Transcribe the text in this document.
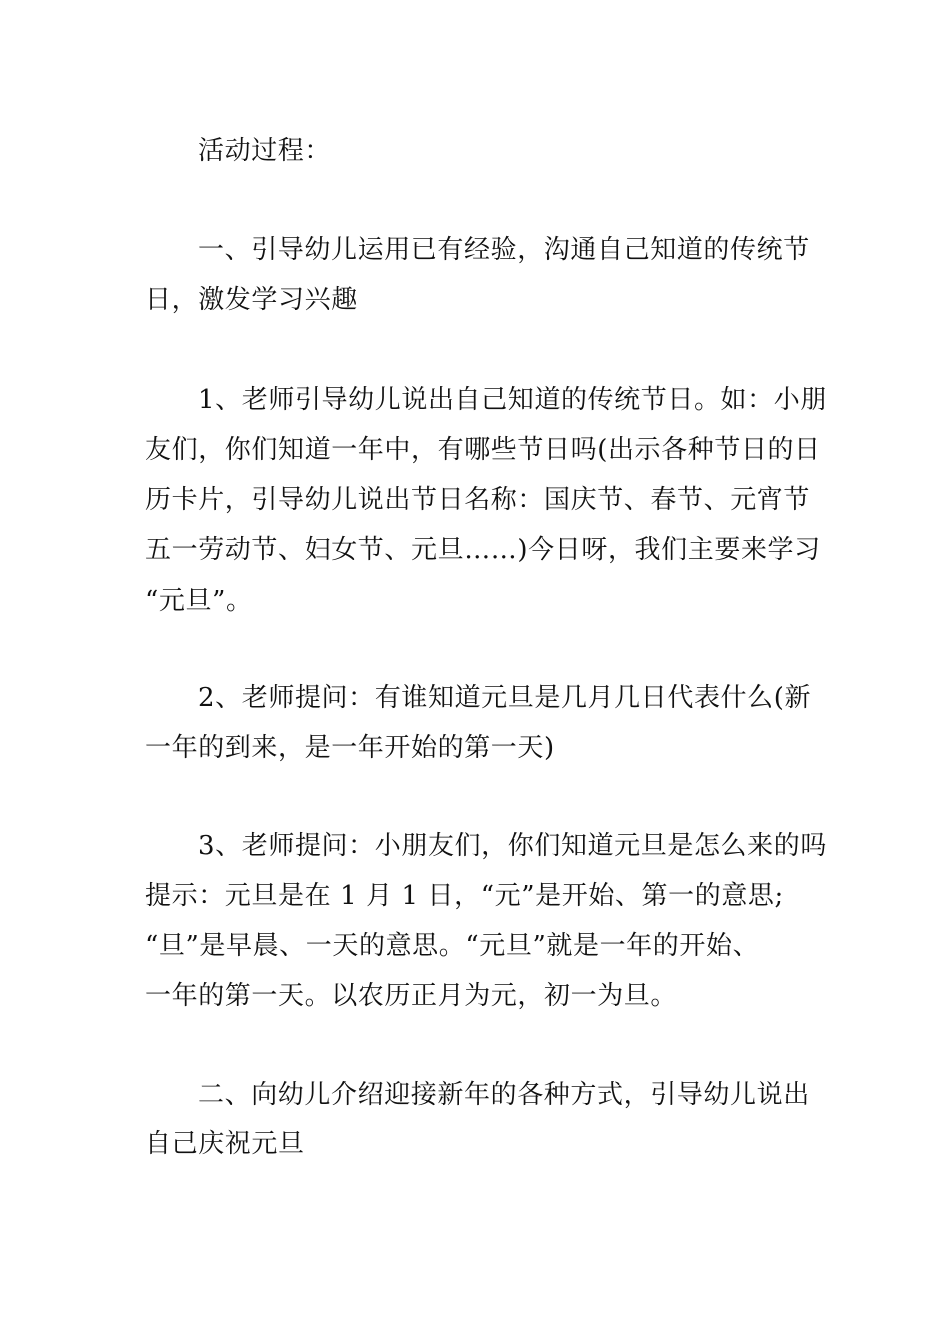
活动过程：
一、引导幼儿运用已有经验，沟通自己知道的传统节
日，激发学习兴趣
1、老师引导幼儿说出自己知道的传统节日。如：小朋
友们，你们知道一年中，有哪些节日吗(出示各种节日的日
历卡片，引导幼儿说出节日名称：国庆节、春节、元宵节
五一劳动节、妇女节、元旦……)今日呀，我们主要来学习
“元旦”。
2、老师提问：有谁知道元旦是几月几日代表什么(新
一年的到来，是一年开始的第一天)
3、老师提问：小朋友们，你们知道元旦是怎么来的吗
提示：元旦是在 1 月 1 日，“元”是开始、第一的意思;
“旦”是早晨、一天的意思。“元旦”就是一年的开始、
一年的第一天。以农历正月为元，初一为旦。
二、向幼儿介绍迎接新年的各种方式，引导幼儿说出
自己庆祝元旦
